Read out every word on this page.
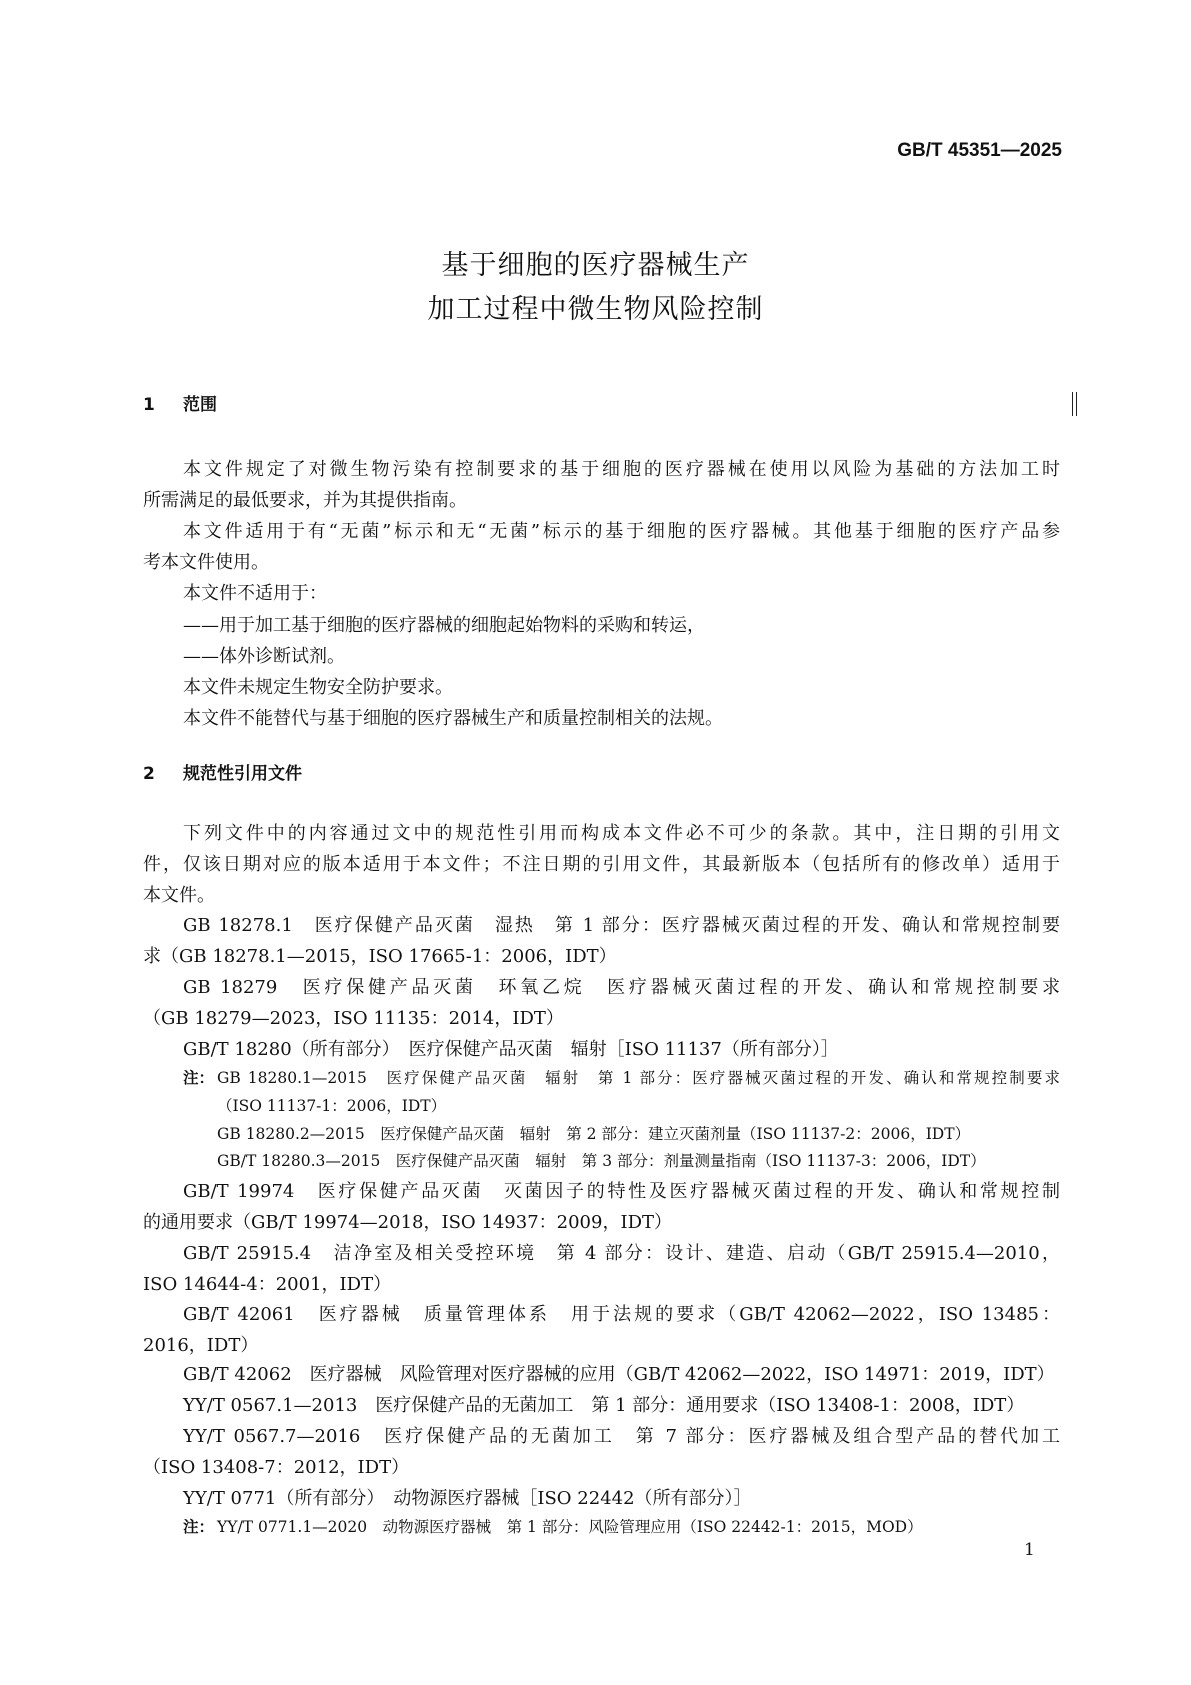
GB/T 45351—2025
基于细胞的医疗器械生产
加工过程中微生物风险控制
1 范围
本文件规定了对微生物污染有控制要求的基于细胞的医疗器械在使用以风险为基础的方法加工时
所需满足的最低要求，并为其提供指南。
本文件适用于有“无菌”标示和无“无菌”标示的基于细胞的医疗器械。其他基于细胞的医疗产品参
考本文件使用。
本文件不适用于：
——用于加工基于细胞的医疗器械的细胞起始物料的采购和转运，
——体外诊断试剂。
本文件未规定生物安全防护要求。
本文件不能替代与基于细胞的医疗器械生产和质量控制相关的法规。
2 规范性引用文件
下列文件中的内容通过文中的规范性引用而构成本文件必不可少的条款。其中，注日期的引用文
件，仅该日期对应的版本适用于本文件；不注日期的引用文件，其最新版本（包括所有的修改单）适用于
本文件。
GB 18278.1　医疗保健产品灭菌　湿热　第 1 部分：医疗器械灭菌过程的开发、确认和常规控制要
求（GB 18278.1—2015，ISO 17665-1：2006，IDT）
GB 18279　医疗保健产品灭菌　环氧乙烷　医疗器械灭菌过程的开发、确认和常规控制要求
（GB 18279—2023，ISO 11135：2014，IDT）
GB/T 18280（所有部分）　医疗保健产品灭菌　辐射［ISO 11137（所有部分）］
注： GB 18280.1—2015　医疗保健产品灭菌　辐射　第 1 部分：医疗器械灭菌过程的开发、确认和常规控制要求
（ISO 11137-1：2006，IDT）
GB 18280.2—2015　医疗保健产品灭菌　辐射　第 2 部分：建立灭菌剂量（ISO 11137-2：2006，IDT）
GB/T 18280.3—2015　医疗保健产品灭菌　辐射　第 3 部分：剂量测量指南（ISO 11137-3：2006，IDT）
GB/T 19974　医疗保健产品灭菌　灭菌因子的特性及医疗器械灭菌过程的开发、确认和常规控制
的通用要求（GB/T 19974—2018，ISO 14937：2009，IDT）
GB/T 25915.4　洁净室及相关受控环境　第 4 部分：设计、建造、启动（GB/T 25915.4—2010，
ISO 14644-4：2001，IDT）
GB/T 42061　医疗器械　质量管理体系　用于法规的要求（GB/T 42062—2022，ISO 13485：
2016，IDT）
GB/T 42062　医疗器械　风险管理对医疗器械的应用（GB/T 42062—2022，ISO 14971：2019，IDT）
YY/T 0567.1—2013　医疗保健产品的无菌加工　第 1 部分：通用要求（ISO 13408-1：2008，IDT）
YY/T 0567.7—2016　医疗保健产品的无菌加工　第 7 部分：医疗器械及组合型产品的替代加工
（ISO 13408-7：2012，IDT）
YY/T 0771（所有部分）　动物源医疗器械［ISO 22442（所有部分）］
注： YY/T 0771.1—2020　动物源医疗器械　第 1 部分：风险管理应用（ISO 22442-1：2015，MOD）
1
